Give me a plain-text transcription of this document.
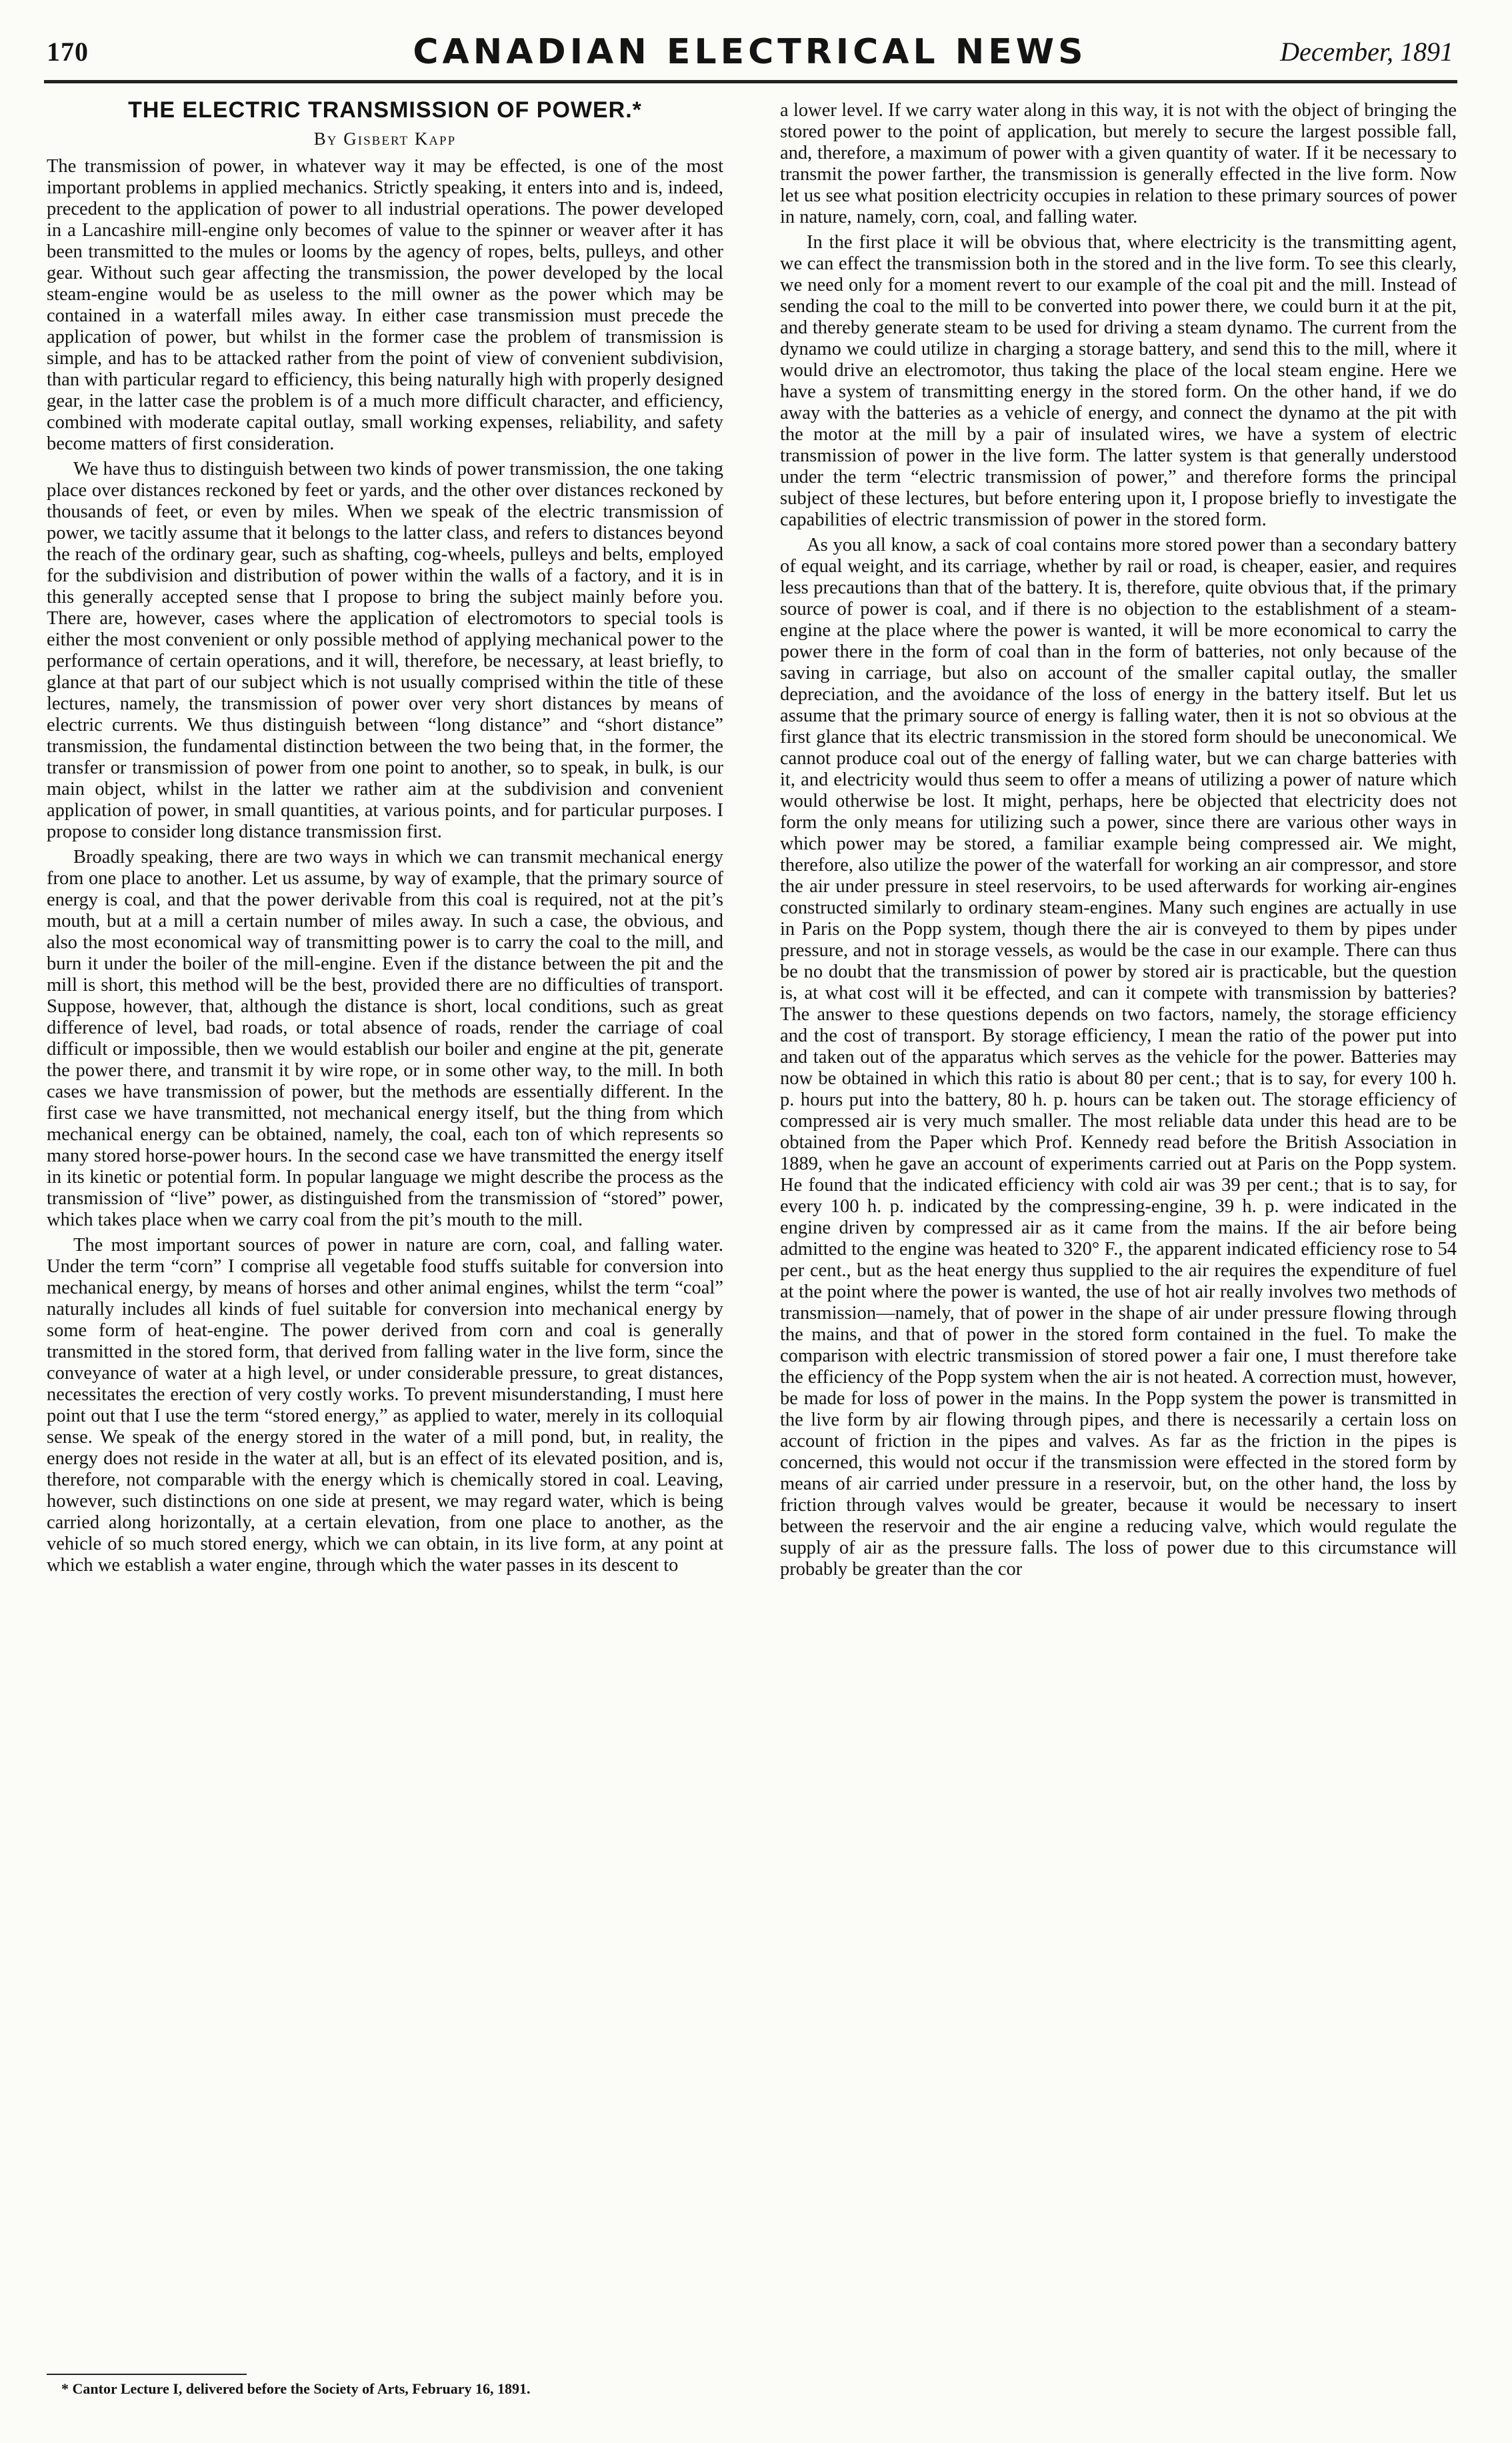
170	CANADIAN ELECTRICAL NEWS	December, 1891
THE ELECTRIC TRANSMISSION OF POWER.*
By Gisbert Kapp

The transmission of power, in whatever way it may be effected, is one of the most important problems in applied mechanics. Strictly speaking, it enters into and is, indeed, precedent to the application of power to all industrial operations. The power developed in a Lancashire mill-engine only becomes of value to the spinner or weaver after it has been transmitted to the mules or looms by the agency of ropes, belts, pulleys, and other gear. Without such gear affecting the transmission, the power developed by the local steam-engine would be as useless to the mill owner as the power which may be contained in a waterfall miles away. In either case transmission must precede the application of power, but whilst in the former case the problem of transmission is simple, and has to be attacked rather from the point of view of convenient subdivision, than with particular regard to efficiency, this being naturally high with properly designed gear, in the latter case the problem is of a much more difficult character, and efficiency, combined with moderate capital outlay, small working expenses, reliability, and safety become matters of first consideration.

We have thus to distinguish between two kinds of power transmission, the one taking place over distances reckoned by feet or yards, and the other over distances reckoned by thousands of feet, or even by miles. When we speak of the electric transmission of power, we tacitly assume that it belongs to the latter class, and refers to distances beyond the reach of the ordinary gear, such as shafting, cog-wheels, pulleys and belts, employed for the subdivision and distribution of power within the walls of a factory, and it is in this generally accepted sense that I propose to bring the subject mainly before you. There are, however, cases where the application of electromotors to special tools is either the most convenient or only possible method of applying mechanical power to the performance of certain operations, and it will, therefore, be necessary, at least briefly, to glance at that part of our subject which is not usually comprised within the title of these lectures, namely, the transmission of power over very short distances by means of electric currents. We thus distinguish between “long distance” and “short distance” transmission, the fundamental distinction between the two being that, in the former, the transfer or transmission of power from one point to another, so to speak, in bulk, is our main object, whilst in the latter we rather aim at the subdivision and convenient application of power, in small quantities, at various points, and for particular purposes. I propose to consider long distance transmission first.

Broadly speaking, there are two ways in which we can transmit mechanical energy from one place to another. Let us assume, by way of example, that the primary source of energy is coal, and that the power derivable from this coal is required, not at the pit’s mouth, but at a mill a certain number of miles away. In such a case, the obvious, and also the most economical way of transmitting power is to carry the coal to the mill, and burn it under the boiler of the mill-engine. Even if the distance between the pit and the mill is short, this method will be the best, provided there are no difficulties of transport. Suppose, however, that, although the distance is short, local conditions, such as great difference of level, bad roads, or total absence of roads, render the carriage of coal difficult or impossible, then we would establish our boiler and engine at the pit, generate the power there, and transmit it by wire rope, or in some other way, to the mill. In both cases we have transmission of power, but the methods are essentially different. In the first case we have transmitted, not mechanical energy itself, but the thing from which mechanical energy can be obtained, namely, the coal, each ton of which represents so many stored horse-power hours. In the second case we have transmitted the energy itself in its kinetic or potential form. In popular language we might describe the process as the transmission of “live” power, as distinguished from the transmission of “stored” power, which takes place when we carry coal from the pit’s mouth to the mill.

The most important sources of power in nature are corn, coal, and falling water. Under the term “corn” I comprise all vegetable food stuffs suitable for conversion into mechanical energy, by means of horses and other animal engines, whilst the term “coal” naturally includes all kinds of fuel suitable for conversion into mechanical energy by some form of heat-engine. The power derived from corn and coal is generally transmitted in the stored form, that derived from falling water in the live form, since the conveyance of water at a high level, or under considerable pressure, to great distances, necessitates the erection of very costly works. To prevent misunderstanding, I must here point out that I use the term “stored energy,” as applied to water, merely in its colloquial sense. We speak of the energy stored in the water of a mill pond, but, in reality, the energy does not reside in the water at all, but is an effect of its elevated position, and is, therefore, not comparable with the energy which is chemically stored in coal. Leaving, however, such distinctions on one side at present, we may regard water, which is being carried along horizontally, at a certain elevation, from one place to another, as the vehicle of so much stored energy, which we can obtain, in its live form, at any point at which we establish a water engine, through which the water passes in its descent to

a lower level. If we carry water along in this way, it is not with the object of bringing the stored power to the point of application, but merely to secure the largest possible fall, and, therefore, a maximum of power with a given quantity of water. If it be necessary to transmit the power farther, the transmission is generally effected in the live form. Now let us see what position electricity occupies in relation to these primary sources of power in nature, namely, corn, coal, and falling water.

In the first place it will be obvious that, where electricity is the transmitting agent, we can effect the transmission both in the stored and in the live form. To see this clearly, we need only for a moment revert to our example of the coal pit and the mill. Instead of sending the coal to the mill to be converted into power there, we could burn it at the pit, and thereby generate steam to be used for driving a steam dynamo. The current from the dynamo we could utilize in charging a storage battery, and send this to the mill, where it would drive an electromotor, thus taking the place of the local steam engine. Here we have a system of transmitting energy in the stored form. On the other hand, if we do away with the batteries as a vehicle of energy, and connect the dynamo at the pit with the motor at the mill by a pair of insulated wires, we have a system of electric transmission of power in the live form. The latter system is that generally understood under the term “electric transmission of power,” and therefore forms the principal subject of these lectures, but before entering upon it, I propose briefly to investigate the capabilities of electric transmission of power in the stored form.

As you all know, a sack of coal contains more stored power than a secondary battery of equal weight, and its carriage, whether by rail or road, is cheaper, easier, and requires less precautions than that of the battery. It is, therefore, quite obvious that, if the primary source of power is coal, and if there is no objection to the establishment of a steam-engine at the place where the power is wanted, it will be more economical to carry the power there in the form of coal than in the form of batteries, not only because of the saving in carriage, but also on account of the smaller capital outlay, the smaller depreciation, and the avoidance of the loss of energy in the battery itself. But let us assume that the primary source of energy is falling water, then it is not so obvious at the first glance that its electric transmission in the stored form should be uneconomical. We cannot produce coal out of the energy of falling water, but we can charge batteries with it, and electricity would thus seem to offer a means of utilizing a power of nature which would otherwise be lost. It might, perhaps, here be objected that electricity does not form the only means for utilizing such a power, since there are various other ways in which power may be stored, a familiar example being compressed air. We might, therefore, also utilize the power of the waterfall for working an air compressor, and store the air under pressure in steel reservoirs, to be used afterwards for working air-engines constructed similarly to ordinary steam-engines. Many such engines are actually in use in Paris on the Popp system, though there the air is conveyed to them by pipes under pressure, and not in storage vessels, as would be the case in our example. There can thus be no doubt that the transmission of power by stored air is practicable, but the question is, at what cost will it be effected, and can it compete with transmission by batteries? The answer to these questions depends on two factors, namely, the storage efficiency and the cost of transport. By storage efficiency, I mean the ratio of the power put into and taken out of the apparatus which serves as the vehicle for the power. Batteries may now be obtained in which this ratio is about 80 per cent.; that is to say, for every 100 h. p. hours put into the battery, 80 h. p. hours can be taken out. The storage efficiency of compressed air is very much smaller. The most reliable data under this head are to be obtained from the Paper which Prof. Kennedy read before the British Association in 1889, when he gave an account of experiments carried out at Paris on the Popp system. He found that the indicated efficiency with cold air was 39 per cent.; that is to say, for every 100 h. p. indicated by the compressing-engine, 39 h. p. were indicated in the engine driven by compressed air as it came from the mains. If the air before being admitted to the engine was heated to 320° F., the apparent indicated efficiency rose to 54 per cent., but as the heat energy thus supplied to the air requires the expenditure of fuel at the point where the power is wanted, the use of hot air really involves two methods of transmission—namely, that of power in the shape of air under pressure flowing through the mains, and that of power in the stored form contained in the fuel. To make the comparison with electric transmission of stored power a fair one, I must therefore take the efficiency of the Popp system when the air is not heated. A correction must, however, be made for loss of power in the mains. In the Popp system the power is transmitted in the live form by air flowing through pipes, and there is necessarily a certain loss on account of friction in the pipes and valves. As far as the friction in the pipes is concerned, this would not occur if the transmission were effected in the stored form by means of air carried under pressure in a reservoir, but, on the other hand, the loss by friction through valves would be greater, because it would be necessary to insert between the reservoir and the air engine a reducing valve, which would regulate the supply of air as the pressure falls. The loss of power due to this circumstance will probably be greater than the cor

* Cantor Lecture I, delivered before the Society of Arts, February 16, 1891.
